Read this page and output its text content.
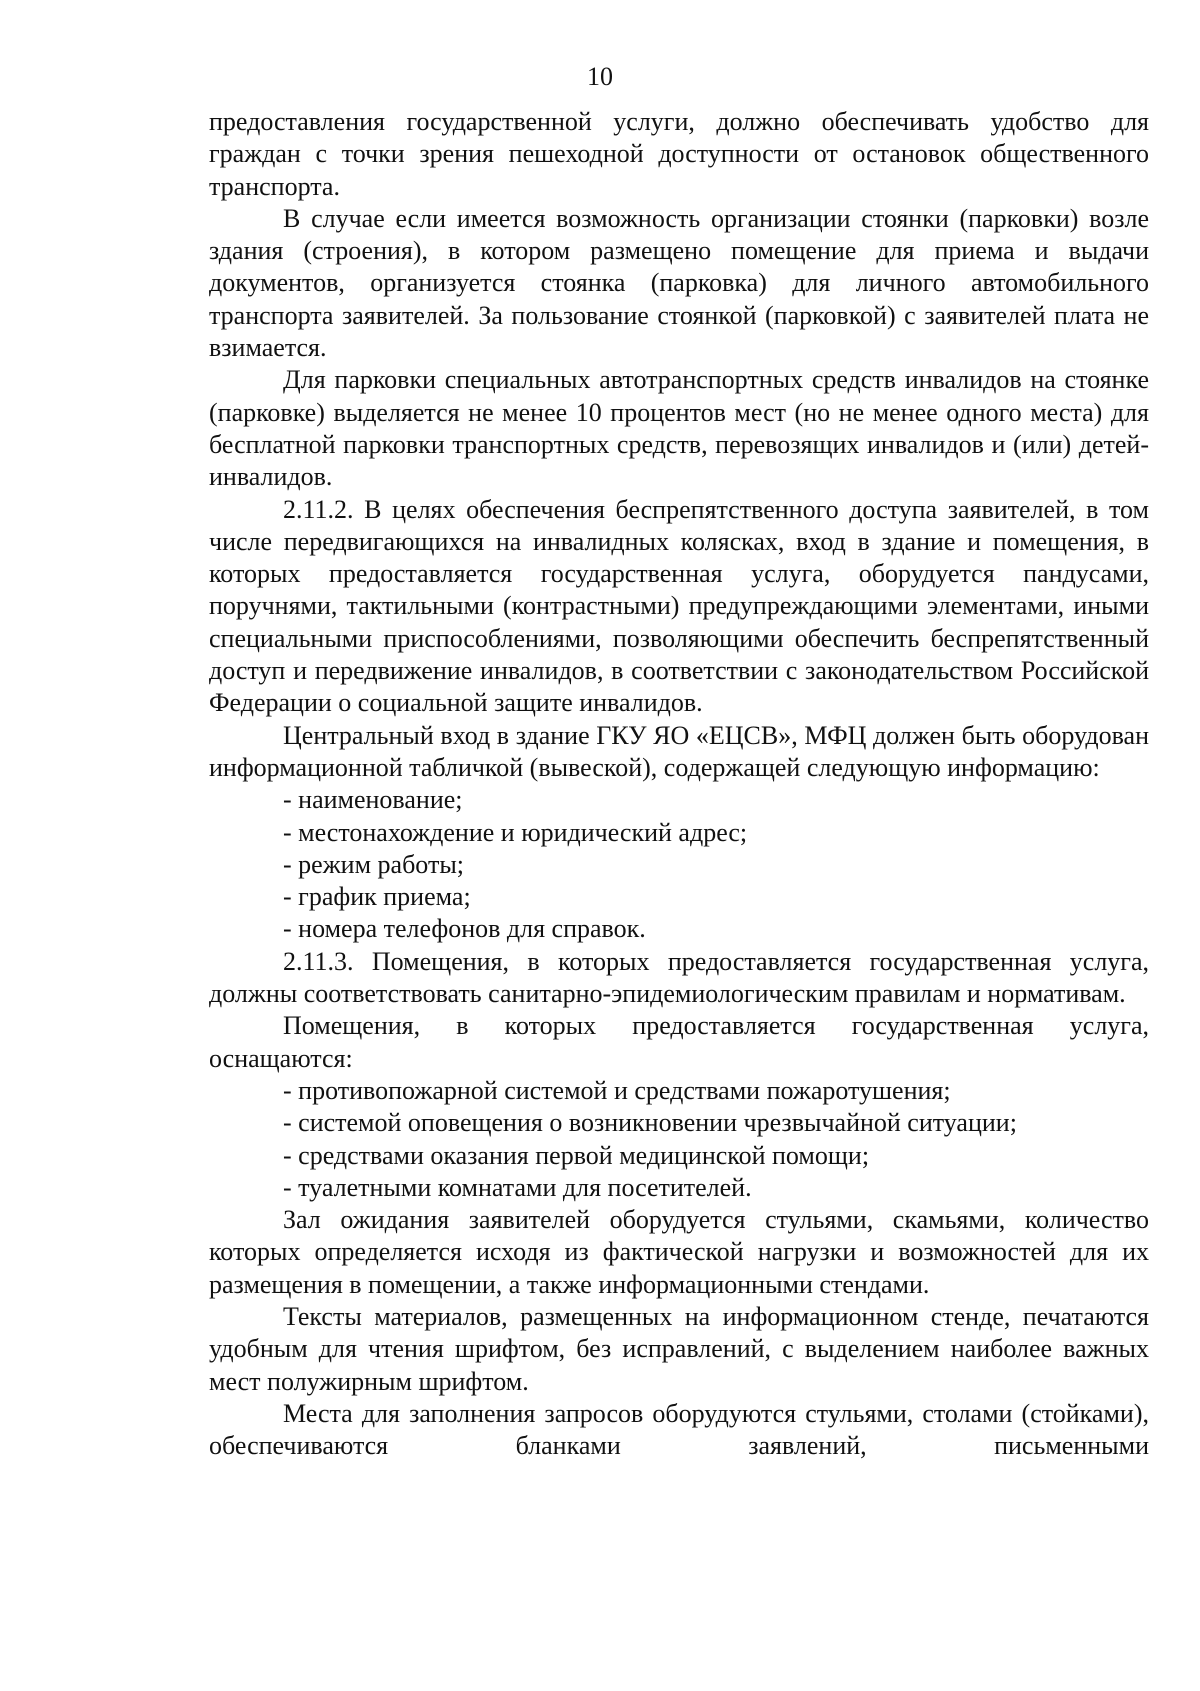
10

предоставления государственной услуги, должно обеспечивать удобство для граждан с точки зрения пешеходной доступности от остановок общественного транспорта.

В случае если имеется возможность организации стоянки (парковки) возле здания (строения), в котором размещено помещение для приема и выдачи документов, организуется стоянка (парковка) для личного автомобильного транспорта заявителей. За пользование стоянкой (парковкой) с заявителей плата не взимается.

Для парковки специальных автотранспортных средств инвалидов на стоянке (парковке) выделяется не менее 10 процентов мест (но не менее одного места) для бесплатной парковки транспортных средств, перевозящих инвалидов и (или) детей-инвалидов.

2.11.2. В целях обеспечения беспрепятственного доступа заявителей, в том числе передвигающихся на инвалидных колясках, вход в здание и помещения, в которых предоставляется государственная услуга, оборудуется пандусами, поручнями, тактильными (контрастными) предупреждающими элементами, иными специальными приспособлениями, позволяющими обеспечить беспрепятственный доступ и передвижение инвалидов, в соответствии с законодательством Российской Федерации о социальной защите инвалидов.

Центральный вход в здание ГКУ ЯО «ЕЦСВ», МФЦ должен быть оборудован информационной табличкой (вывеской), содержащей следующую информацию:

- наименование;

- местонахождение и юридический адрес;

- режим работы;

- график приема;

- номера телефонов для справок.

2.11.3. Помещения, в которых предоставляется государственная услуга, должны соответствовать санитарно-эпидемиологическим правилам и нормативам.

Помещения, в которых предоставляется государственная услуга, оснащаются:

- противопожарной системой и средствами пожаротушения;

- системой оповещения о возникновении чрезвычайной ситуации;

- средствами оказания первой медицинской помощи;

- туалетными комнатами для посетителей.

Зал ожидания заявителей оборудуется стульями, скамьями, количество которых определяется исходя из фактической нагрузки и возможностей для их размещения в помещении, а также информационными стендами.

Тексты материалов, размещенных на информационном стенде, печатаются удобным для чтения шрифтом, без исправлений, с выделением наиболее важных мест полужирным шрифтом.

Места для заполнения запросов оборудуются стульями, столами (стойками), обеспечиваются бланками заявлений, письменными
